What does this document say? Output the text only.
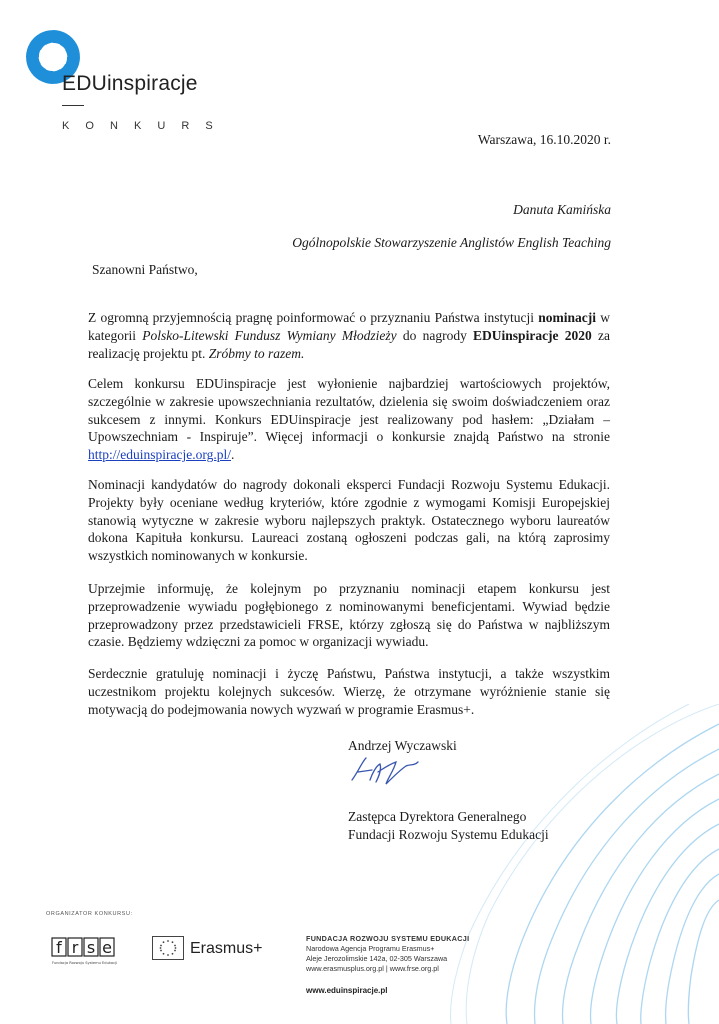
EDUinspiracje
K O N K U R S
Warszawa, 16.10.2020 r.
Danuta Kamińska
Ogólnopolskie Stowarzyszenie Anglistów English Teaching
Szanowni Państwo,

Z ogromną przyjemnością pragnę poinformować o przyznaniu Państwa instytucji nominacji w kategorii Polsko-Litewski Fundusz Wymiany Młodzieży do nagrody EDUinspiracje 2020 za realizację projektu pt. Zróbmy to razem.

Celem konkursu EDUinspiracje jest wyłonienie najbardziej wartościowych projektów, szczególnie w zakresie upowszechniania rezultatów, dzielenia się swoim doświadczeniem oraz sukcesem z innymi. Konkurs EDUinspiracje jest realizowany pod hasłem: „Działam – Upowszechniam - Inspiruje”. Więcej informacji o konkursie znajdą Państwo na stronie http://eduinspiracje.org.pl/.

Nominacji kandydatów do nagrody dokonali eksperci Fundacji Rozwoju Systemu Edukacji. Projekty były oceniane według kryteriów, które zgodnie z wymogami Komisji Europejskiej stanowią wytyczne w zakresie wyboru najlepszych praktyk. Ostatecznego wyboru laureatów dokona Kapituła konkursu. Laureaci zostaną ogłoszeni podczas gali, na którą zaprosimy wszystkich nominowanych w konkursie.

Uprzejmie informuję, że kolejnym po przyznaniu nominacji etapem konkursu jest przeprowadzenie wywiadu pogłębionego z nominowanymi beneficjentami. Wywiad będzie przeprowadzony przez przedstawicieli FRSE, którzy zgłoszą się do Państwa w najbliższym czasie. Będziemy wdzięczni za pomoc w organizacji wywiadu.

Serdecznie gratuluję nominacji i życzę Państwu, Państwa instytucji, a także wszystkim uczestnikom projektu kolejnych sukcesów. Wierzę, że otrzymane wyróżnienie stanie się motywacją do podejmowania nowych wyzwań w programie Erasmus+.

Andrzej Wyczawski
Zastępca Dyrektora Generalnego
Fundacji Rozwoju Systemu Edukacji
ORGANIZATOR KONKURSU:
f r s e
Fundacja Rozwoju Systemu Edukacji
Erasmus+
FUNDACJA ROZWOJU SYSTEMU EDUKACJI
Narodowa Agencja Programu Erasmus+
Aleje Jerozolimskie 142a, 02-305 Warszawa
www.erasmusplus.org.pl | www.frse.org.pl
www.eduinspiracje.pl
